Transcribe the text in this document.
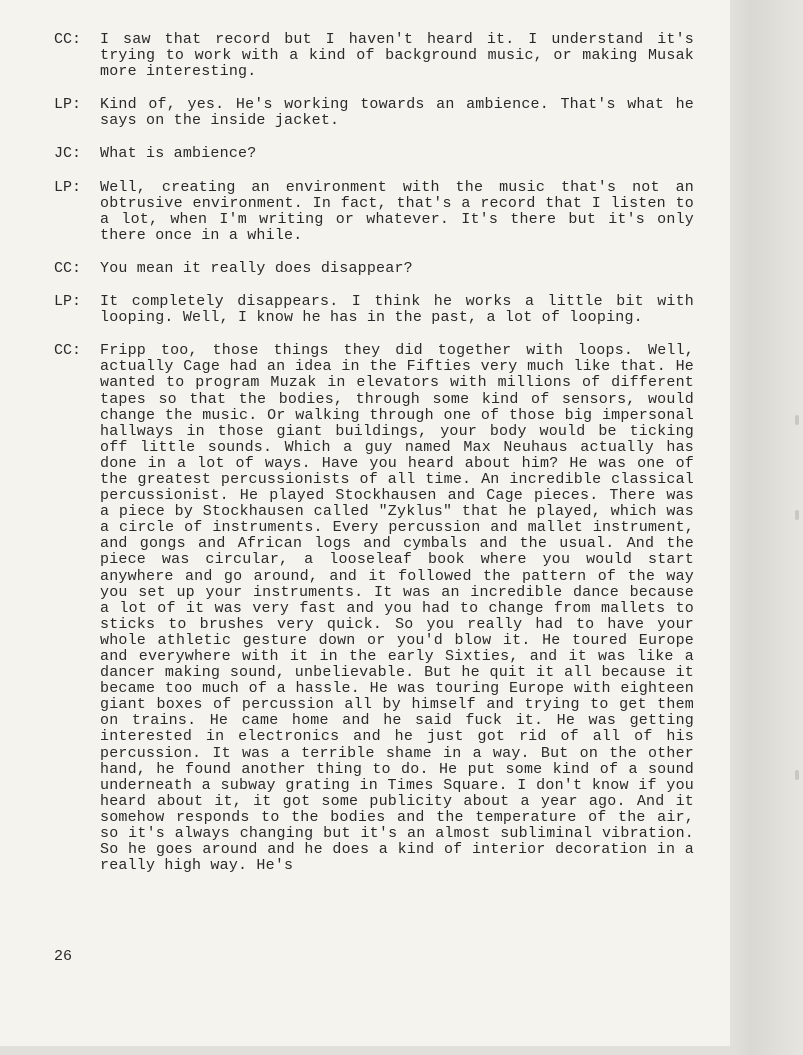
CC:	I saw that record but I haven't heard it. I understand it's trying to work with a kind of background music, or making Musak more interesting.

LP:	Kind of, yes. He's working towards an ambience. That's what he says on the inside jacket.

JC:	What is ambience?

LP:	Well, creating an environment with the music that's not an obtrusive environment. In fact, that's a record that I listen to a lot, when I'm writing or whatever. It's there but it's only there once in a while.

CC:	You mean it really does disappear?

LP:	It completely disappears. I think he works a little bit with looping. Well, I know he has in the past, a lot of looping.

CC:	Fripp too, those things they did together with loops. Well, actually Cage had an idea in the Fifties very much like that. He wanted to program Muzak in elevators with millions of different tapes so that the bodies, through some kind of sensors, would change the music. Or walking through one of those big impersonal hallways in those giant buildings, your body would be ticking off little sounds. Which a guy named Max Neuhaus actually has done in a lot of ways. Have you heard about him? He was one of the greatest percussionists of all time. An incredible classical percussionist. He played Stockhausen and Cage pieces. There was a piece by Stockhausen called "Zyklus" that he played, which was a circle of instruments. Every percussion and mallet instrument, and gongs and African logs and cymbals and the usual. And the piece was circular, a looseleaf book where you would start anywhere and go around, and it followed the pattern of the way you set up your instruments. It was an incredible dance because a lot of it was very fast and you had to change from mallets to sticks to brushes very quick. So you really had to have your whole athletic gesture down or you'd blow it. He toured Europe and everywhere with it in the early Sixties, and it was like a dancer making sound, unbelievable. But he quit it all because it became too much of a hassle. He was touring Europe with eighteen giant boxes of percussion all by himself and trying to get them on trains. He came home and he said fuck it. He was getting interested in electronics and he just got rid of all of his percussion. It was a terrible shame in a way. But on the other hand, he found another thing to do. He put some kind of a sound underneath a subway grating in Times Square. I don't know if you heard about it, it got some publicity about a year ago. And it somehow responds to the bodies and the temperature of the air, so it's always changing but it's an almost subliminal vibration. So he goes around and he does a kind of interior decoration in a really high way. He's

26
